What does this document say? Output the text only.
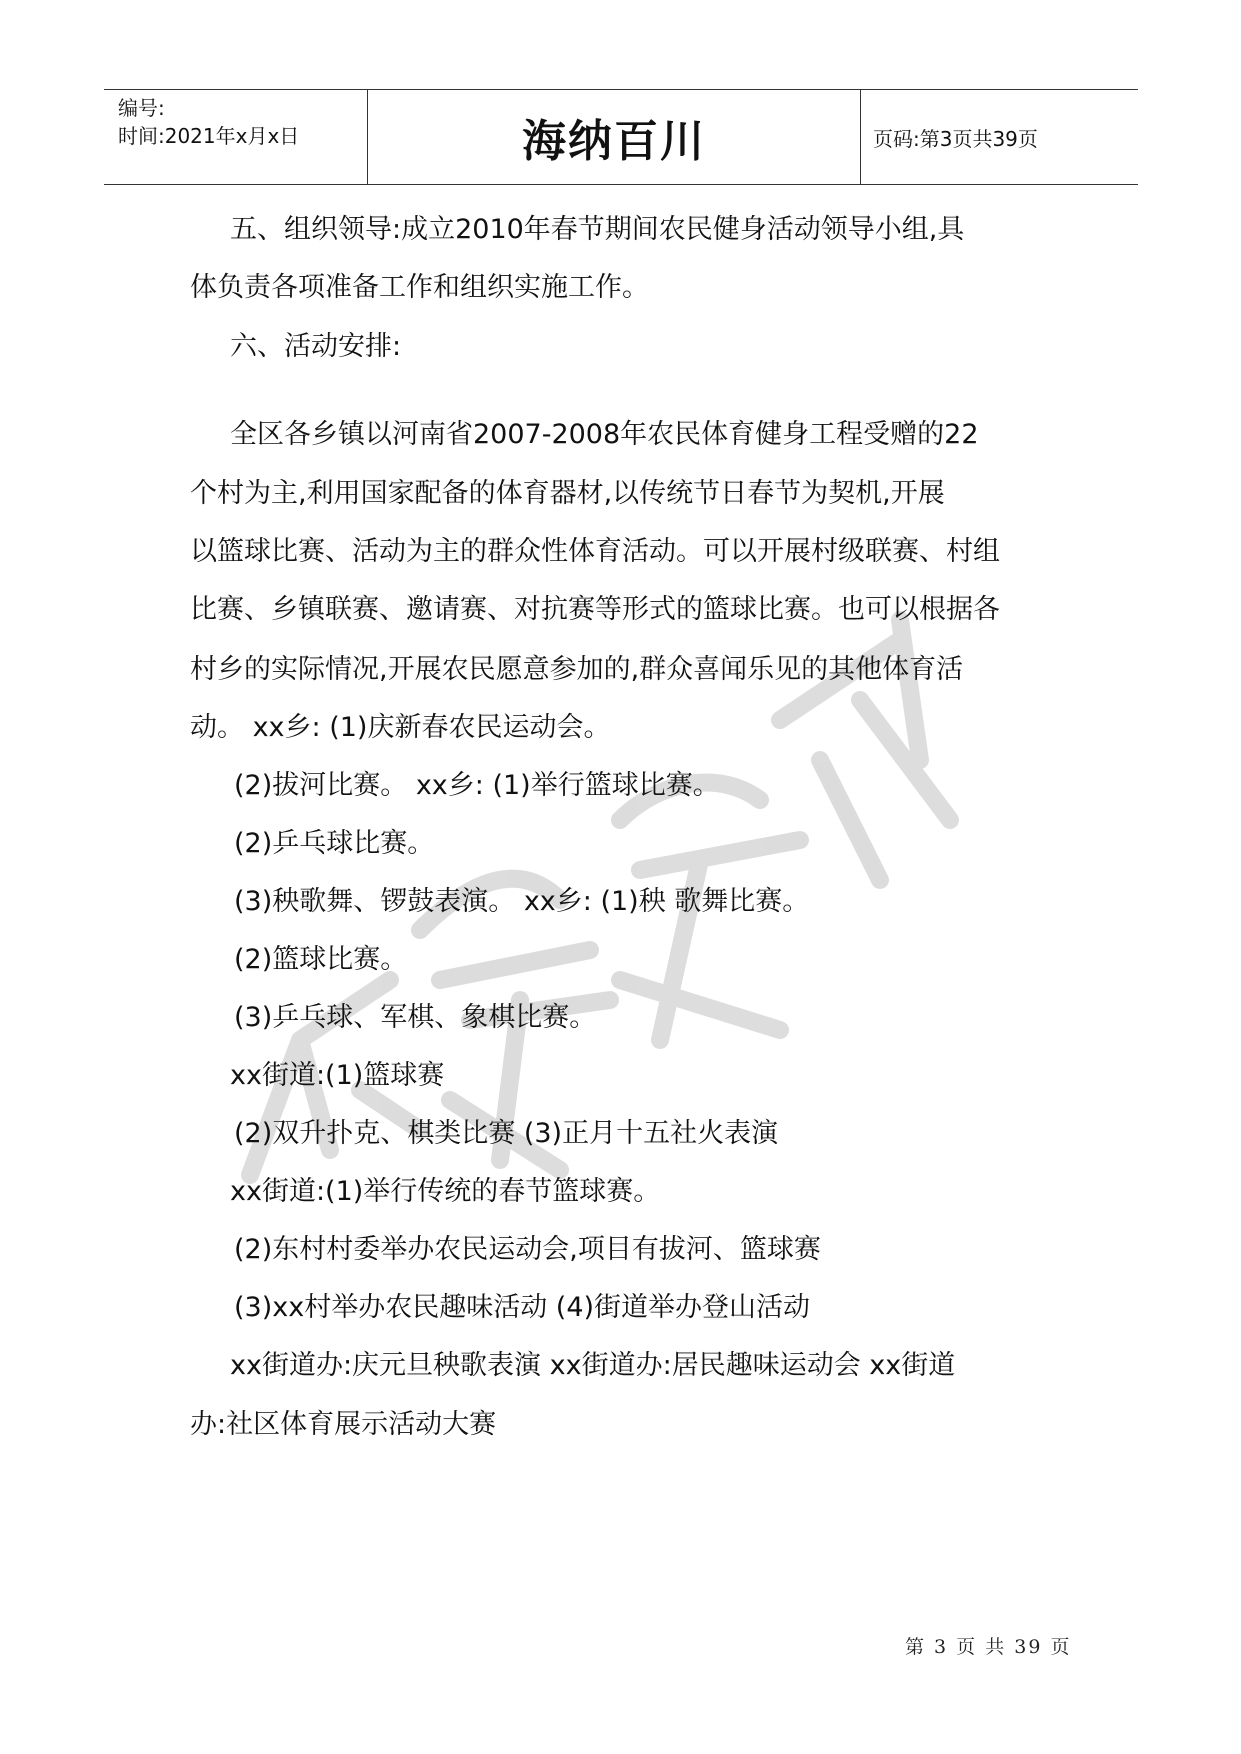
编号:
时间:2021年x月x日	海纳百川	页码:第3页共39页
五、组织领导:成立2010年春节期间农民健身活动领导小组,具
体负责各项准备工作和组织实施工作。
六、活动安排:
全区各乡镇以河南省2007-2008年农民体育健身工程受赠的22
个村为主,利用国家配备的体育器材,以传统节日春节为契机,开展
以篮球比赛、活动为主的群众性体育活动。可以开展村级联赛、村组
比赛、乡镇联赛、邀请赛、对抗赛等形式的篮球比赛。也可以根据各
村乡的实际情况,开展农民愿意参加的,群众喜闻乐见的其他体育活
动。 xx乡: (1)庆新春农民运动会。
(2)拔河比赛。 xx乡: (1)举行篮球比赛。
(2)乒乓球比赛。
(3)秧歌舞、锣鼓表演。 xx乡: (1)秧 歌舞比赛。
(2)篮球比赛。
(3)乒乓球、军棋、象棋比赛。
xx街道:(1)篮球赛
(2)双升扑克、棋类比赛 (3)正月十五社火表演
xx街道:(1)举行传统的春节篮球赛。
(2)东村村委举办农民运动会,项目有拔河、篮球赛
(3)xx村举办农民趣味活动 (4)街道举办登山活动
xx街道办:庆元旦秧歌表演 xx街道办:居民趣味运动会 xx街道
办:社区体育展示活动大赛
第 3 页 共 39 页
